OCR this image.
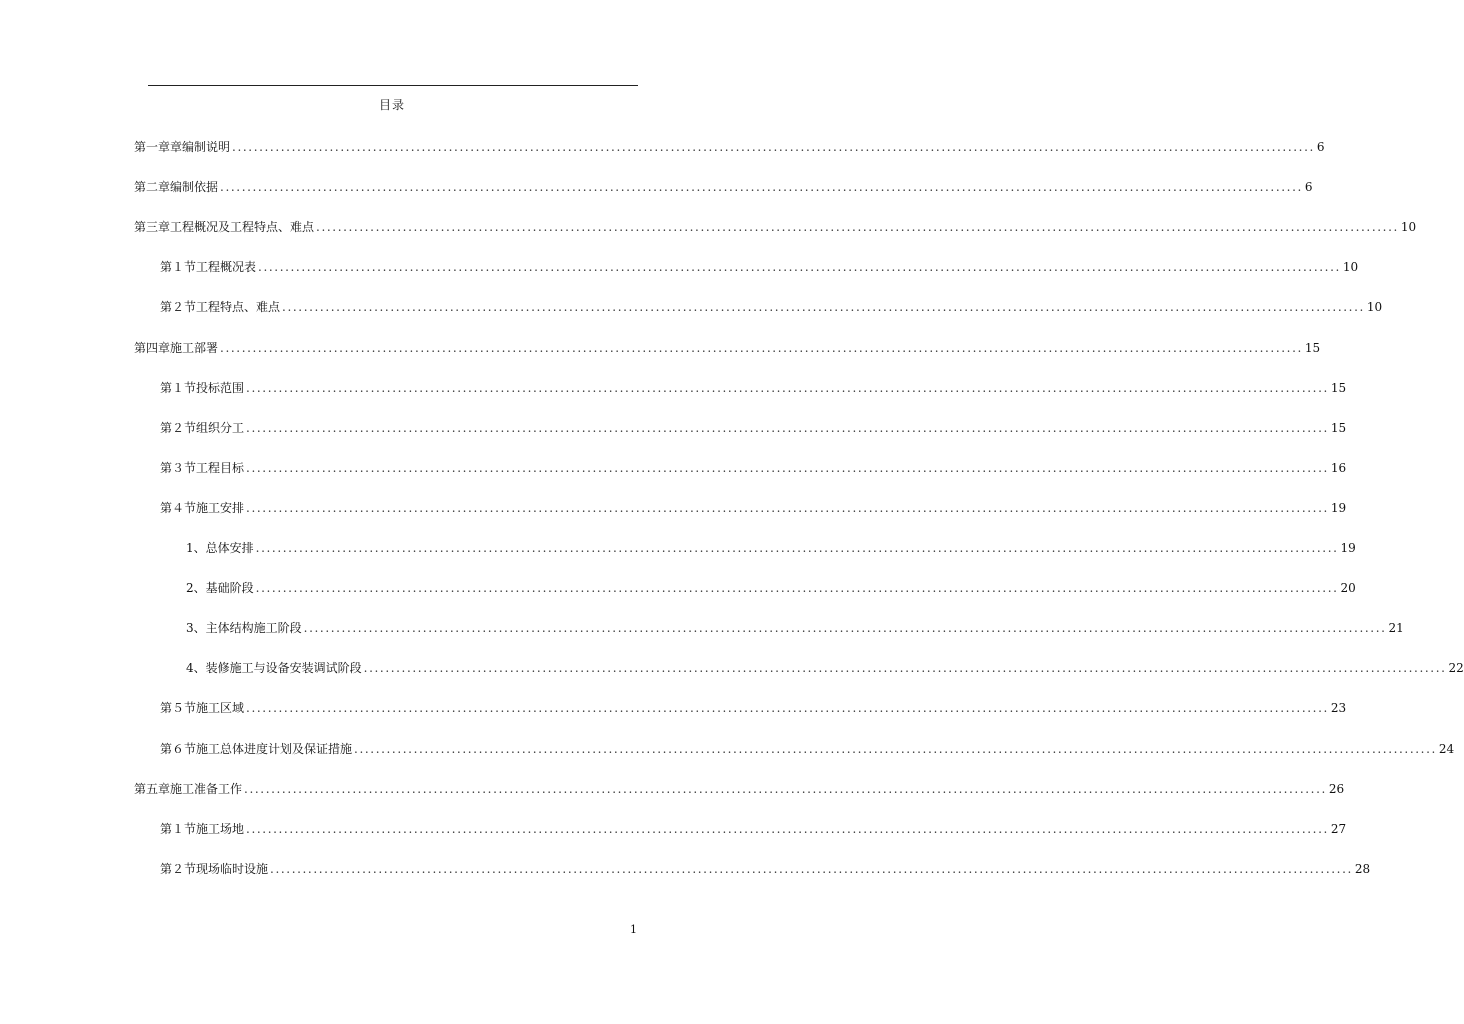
目录
第一章 章编制说明 ........................................................................................................................................................................................................ 6
第二章 编制依据 ........................................................................................................................................................................................................ 6
第三章 工程概况及工程特点、难点 ........................................................................................................................................................................................................ 10
第１节 工程概况表 ........................................................................................................................................................................................................ 10
第２节 工程特点、难点 ........................................................................................................................................................................................................ 10
第四章 施工部署 ........................................................................................................................................................................................................ 15
第１节 投标范围 ........................................................................................................................................................................................................ 15
第２节 组织分工 ........................................................................................................................................................................................................ 15
第３节 工程目标 ........................................................................................................................................................................................................ 16
第４节 施工安排 ........................................................................................................................................................................................................ 19
1、 总体安排 ........................................................................................................................................................................................................ 19
2、 基础阶段 ........................................................................................................................................................................................................ 20
3、 主体结构施工阶段 ........................................................................................................................................................................................................ 21
4、 装修施工与设备安装调试阶段 ........................................................................................................................................................................................................ 22
第５节 施工区域 ........................................................................................................................................................................................................ 23
第６节 施工总体进度计划及保证措施 ........................................................................................................................................................................................................ 24
第五章 施工准备工作 ........................................................................................................................................................................................................ 26
第１节 施工场地 ........................................................................................................................................................................................................ 27
第２节 现场临时设施 ........................................................................................................................................................................................................ 28
1
